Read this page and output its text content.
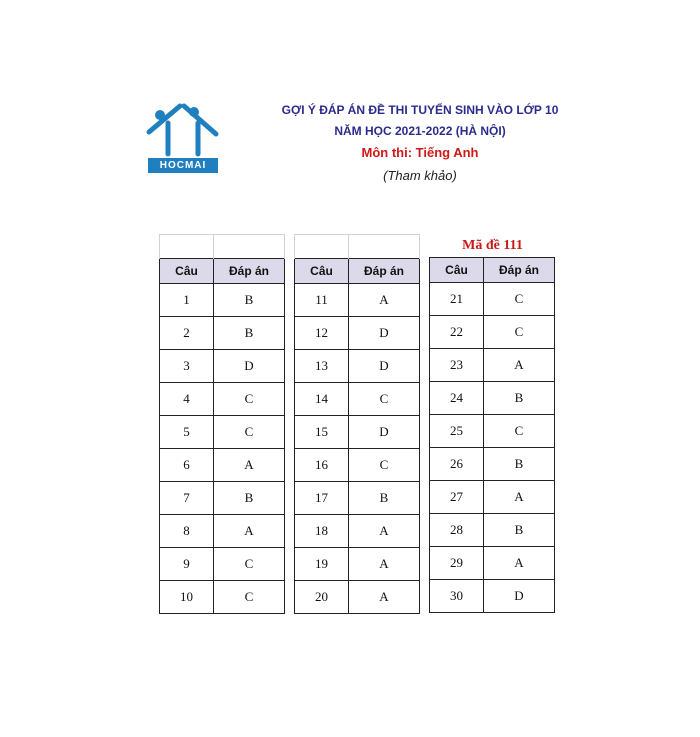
HOCMAI
GỢI Ý ĐÁP ÁN ĐỀ THI TUYỂN SINH VÀO LỚP 10
NĂM HỌC 2021-2022 (HÀ NỘI)
Môn thi: Tiếng Anh
(Tham khảo)
Mã đề 111

Câu	Đáp án
1	B
2	B
3	D
4	C
5	C
6	A
7	B
8	A
9	C
10	C

Câu	Đáp án
11	A
12	D
13	D
14	C
15	D
16	C
17	B
18	A
19	A
20	A

Câu	Đáp án
21	C
22	C
23	A
24	B
25	C
26	B
27	A
28	B
29	A
30	D
